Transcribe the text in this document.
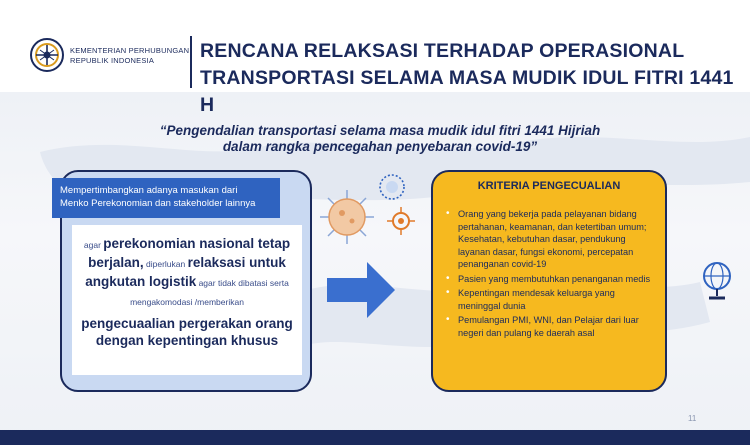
KEMENTERIAN PERHUBUNGAN
REPUBLIK INDONESIA	RENCANA RELAKSASI TERHADAP OPERASIONAL
TRANSPORTASI SELAMA MASA MUDIK IDUL FITRI 1441 H
“Pengendalian transportasi selama masa mudik idul fitri 1441 Hijriah
dalam rangka pencegahan penyebaran covid-19”
Mempertimbangkan adanya masukan dari
Menko Perekonomian dan stakeholder lainnya
agar perekonomian nasional tetap berjalan, diperlukan relaksasi untuk angkutan logistik agar tidak dibatasi serta mengakomodasi /memberikan
pengecuaalian pergerakan orang dengan kepentingan khusus
KRITERIA PENGECUALIAN
• Orang yang bekerja pada pelayanan bidang pertahanan, keamanan, dan ketertiban umum; Kesehatan, kebutuhan dasar, pendukung layanan dasar, fungsi ekonomi, percepatan penanganan covid-19
• Pasien yang membutuhkan penanganan medis
• Kepentingan mendesak keluarga yang meninggal dunia
• Pemulangan PMI, WNI, dan Pelajar dari luar negeri dan pulang ke daerah asal
11
